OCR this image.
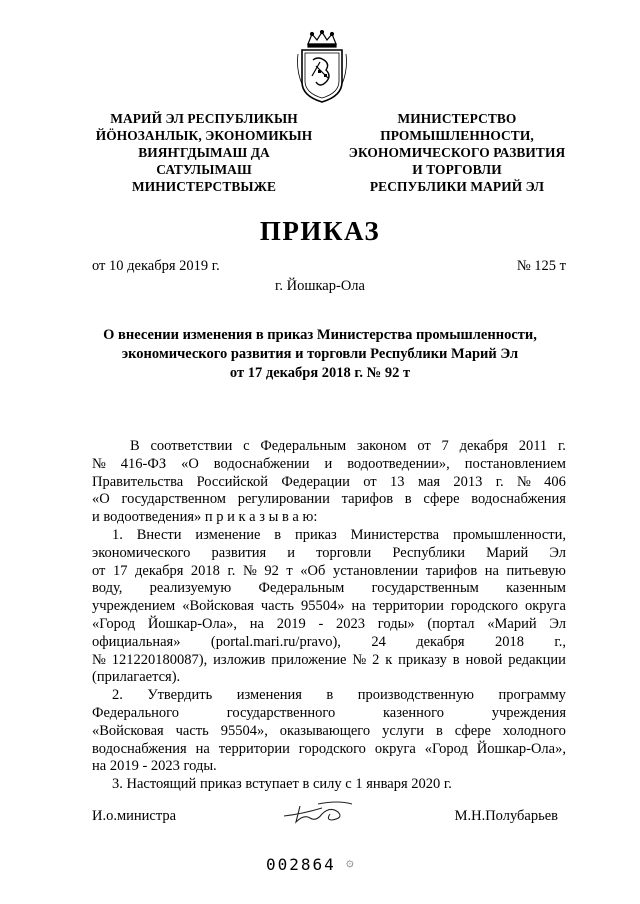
МАРИЙ ЭЛ РЕСПУБЛИКЫН
ЙÖНОЗАНЛЫК, ЭКОНОМИКЫН
ВИЯҤГДЫМАШ ДА
САТУЛЫМАШ
МИНИСТЕРСТВЫЖЕ
МИНИСТЕРСТВО
ПРОМЫШЛЕННОСТИ,
ЭКОНОМИЧЕСКОГО РАЗВИТИЯ
И ТОРГОВЛИ
РЕСПУБЛИКИ МАРИЙ ЭЛ
ПРИКАЗ
от 10 декабря 2019 г.	№ 125 т
г. Йошкар-Ола
О внесении изменения в приказ Министерства промышленности,
экономического развития и торговли Республики Марий Эл
от 17 декабря 2018 г. № 92 т
В соответствии с Федеральным законом от 7 декабря 2011 г.
№ 416-ФЗ «О водоснабжении и водоотведении», постановлением
Правительства Российской Федерации от 13 мая 2013 г. № 406
«О государственном регулировании тарифов в сфере водоснабжения
и водоотведения» п р и к а з ы в а ю:
1. Внести изменение в приказ Министерства промышленности,
экономического развития и торговли Республики Марий Эл
от 17 декабря 2018 г. № 92 т «Об установлении тарифов на питьевую
воду, реализуемую Федеральным государственным казенным
учреждением «Войсковая часть 95504» на территории городского округа
«Город Йошкар-Ола», на 2019 - 2023 годы» (портал «Марий Эл
официальная» (portal.mari.ru/pravo), 24 декабря 2018 г.,
№ 121220180087), изложив приложение № 2 к приказу в новой редакции
(прилагается).
2. Утвердить изменения в производственную программу
Федерального	государственного	казенного	учреждения
«Войсковая часть 95504», оказывающего услуги в сфере холодного
водоснабжения на территории городского округа «Город Йошкар-Ола»,
на 2019 - 2023 годы.
3. Настоящий приказ вступает в силу с 1 января 2020 г.
И.о.министра	М.Н.Полубарьев
002864 ۞
